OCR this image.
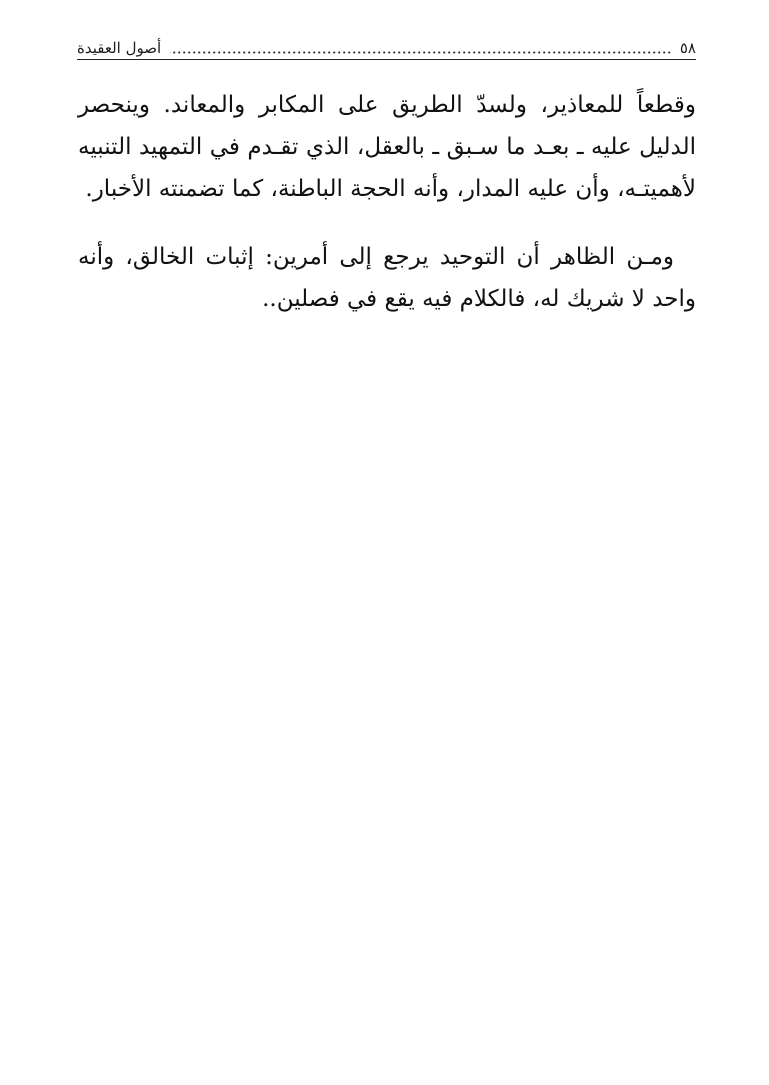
٥٨
أصول العقيدة

وقطعاً للمعاذير، ولسدّ الطريق على المكابر والمعاند. وينحصر الدليل عليه ـ بعـد ما سـبق ـ بالعقل، الذي تقـدم في التمهيد التنبيه لأهميتـه، وأن عليه المدار، وأنه الحجة الباطنة، كما تضمنته الأخبار.

ومـن الظاهر أن التوحيد يرجع إلى أمرين: إثبات الخالق، وأنه واحد لا شريك له، فالكلام فيه يقع في فصلين..
